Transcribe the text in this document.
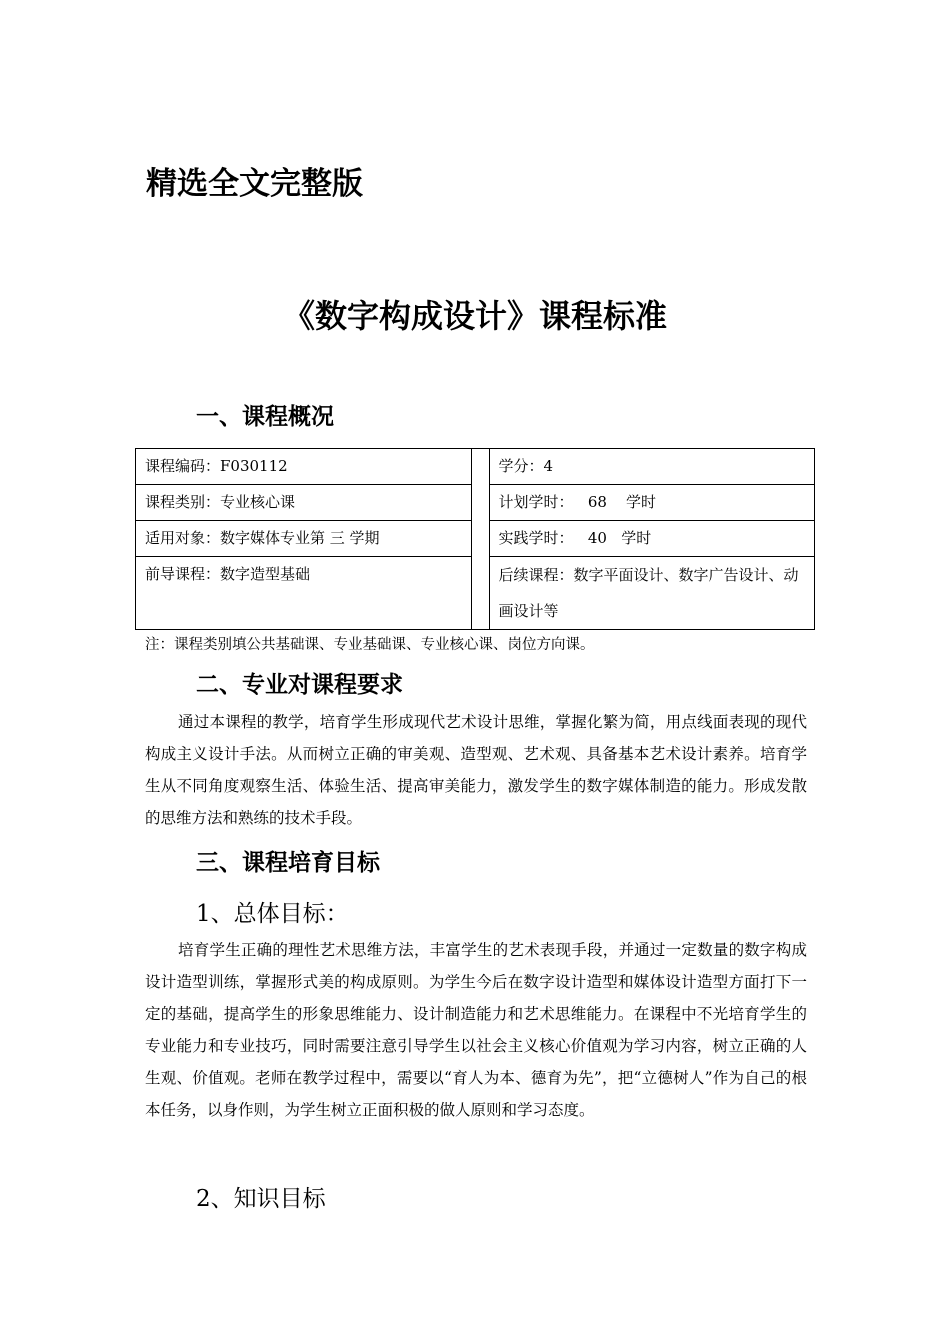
精选全文完整版
《数字构成设计》课程标准
一、课程概况
课程编码：F030112		学分：4
课程类别：专业核心课		计划学时：   68    学时
适用对象：数字媒体专业第 三 学期		实践学时：   40   学时
前导课程：数字造型基础		后续课程：数字平面设计、数字广告设计、动画设计等
注：课程类别填公共基础课、专业基础课、专业核心课、岗位方向课。
二、专业对课程要求
通过本课程的教学，培育学生形成现代艺术设计思维，掌握化繁为简，用点线面表现的现代构成主义设计手法。从而树立正确的审美观、造型观、艺术观、具备基本艺术设计素养。培育学生从不同角度观察生活、体验生活、提高审美能力，激发学生的数字媒体制造的能力。形成发散的思维方法和熟练的技术手段。
三、课程培育目标
1、总体目标：
培育学生正确的理性艺术思维方法，丰富学生的艺术表现手段，并通过一定数量的数字构成设计造型训练，掌握形式美的构成原则。为学生今后在数字设计造型和媒体设计造型方面打下一定的基础，提高学生的形象思维能力、设计制造能力和艺术思维能力。在课程中不光培育学生的专业能力和专业技巧，同时需要注意引导学生以社会主义核心价值观为学习内容，树立正确的人生观、价值观。老师在教学过程中，需要以“育人为本、德育为先”，把“立德树人”作为自己的根本任务，以身作则，为学生树立正面积极的做人原则和学习态度。
2、知识目标
